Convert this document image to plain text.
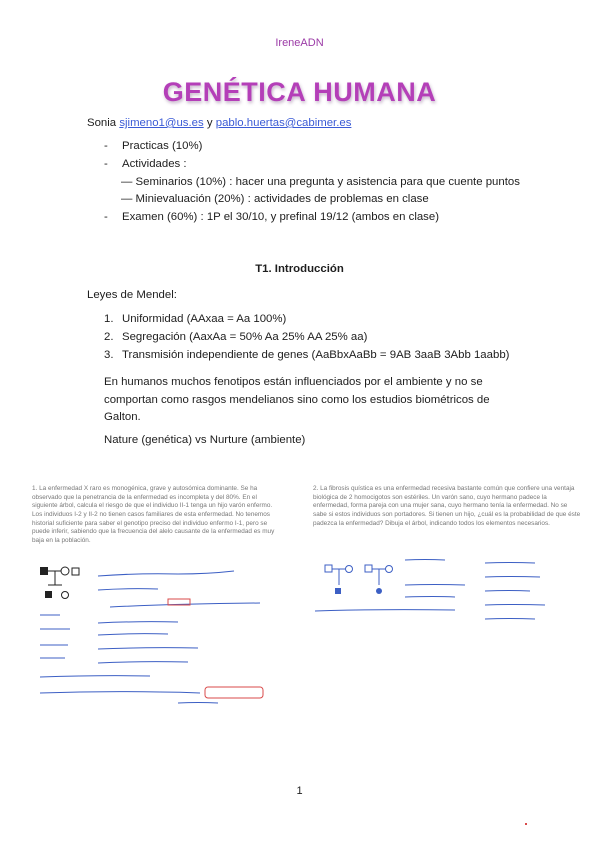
IreneADN
GENÉTICA HUMANA
Sonia sjimeno1@us.es y pablo.huertas@cabimer.es
- Practicas (10%)
- Actividades :
— Seminarios (10%) : hacer una pregunta y asistencia para que cuente puntos
— Minievaluación (20%) : actividades de problemas en clase
- Examen (60%) : 1P el 30/10, y prefinal 19/12 (ambos en clase)
T1. Introducción
Leyes de Mendel:
1. Uniformidad (AAxaa = Aa 100%)
2. Segregación (AaxAa = 50% Aa 25% AA 25% aa)
3. Transmisión independiente de genes (AaBbxAaBb = 9AB 3aaB 3Abb 1aabb)
En humanos muchos fenotipos están influenciados por el ambiente y no se comportan como rasgos mendelianos sino como los estudios biométricos de Galton.
Nature (genética) vs Nurture (ambiente)
1. La enfermedad X raro es monogénica, grave y autosómica dominante. Se ha observado que la penetrancia de la enfermedad es incompleta y del 80%. En el siguiente árbol, calcula el riesgo de que el individuo II-1 tenga un hijo varón enfermo. Los individuos I-2 y II-2 no tienen casos familiares de esta enfermedad. No tenemos historial suficiente para saber el genotipo preciso del individuo enfermo I-1, pero se puede inferir, sabiendo que la frecuencia del alelo causante de la enfermedad es muy baja en la población.
2. La fibrosis quística es una enfermedad recesiva bastante común que confiere una ventaja biológica de 2 homocigotos son estériles. Un varón sano, cuyo hermano padece la enfermedad, forma pareja con una mujer sana, cuyo hermano tenía la enfermedad. No se sabe si estos individuos son portadores. Si tienen un hijo, ¿cuál es la probabilidad de que éste padezca la enfermedad? Dibuja el árbol, indicando todos los elementos necesarios.
1
